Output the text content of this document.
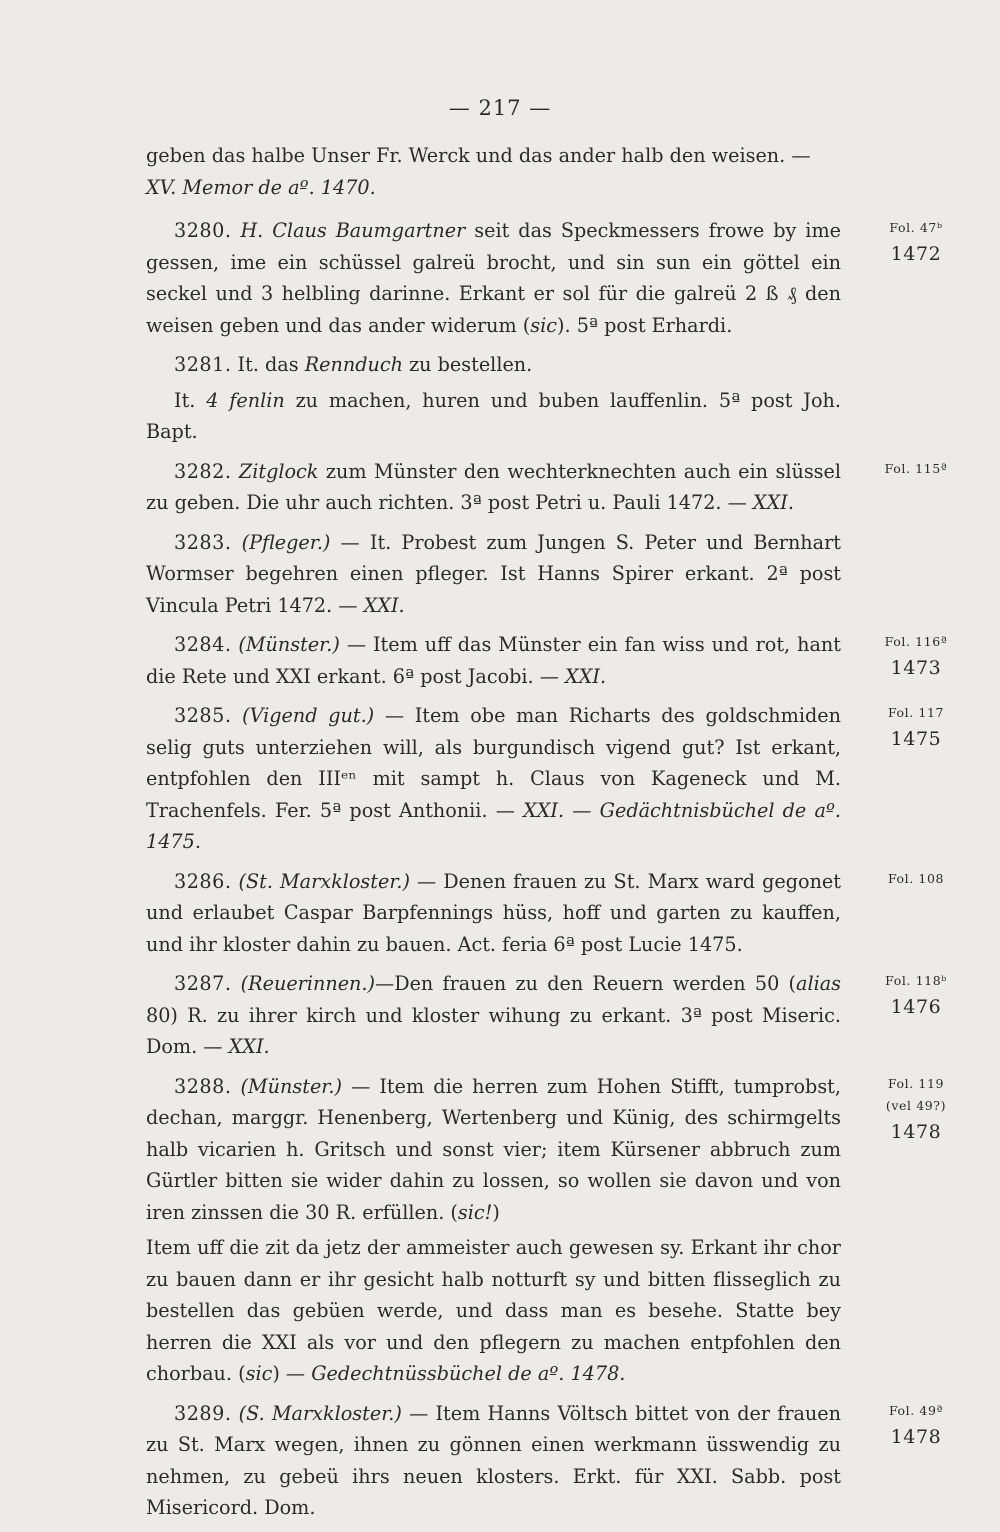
— 217 —

geben das halbe Unser Fr. Werck und das ander halb den weisen. —
XV. Memor de aº. 1470.

3280. H. Claus Baumgartner seit das Speckmessers frowe by ime gessen, ime ein schüssel galreü brocht, und sin sun ein göttel ein seckel und 3 helbling darinne. Erkant er sol für die galreü 2 ß ₰ den weisen geben und das ander widerum (sic). 5ª post Erhardi.
Fol. 47ᵇ
1472
3281. It. das Rennduch zu bestellen.
It. 4 fenlin zu machen, huren und buben lauffenlin. 5ª post Joh. Bapt.
3282. Zitglock zum Münster den wechterknechten auch ein slüssel zu geben. Die uhr auch richten. 3ª post Petri u. Pauli 1472. — XXI.
Fol. 115ª
3283. (Pfleger.) — It. Probest zum Jungen S. Peter und Bernhart Wormser begehren einen pfleger. Ist Hanns Spirer erkant. 2ª post Vincula Petri 1472. — XXI.
3284. (Münster.) — Item uff das Münster ein fan wiss und rot, hant die Rete und XXI erkant. 6ª post Jacobi. — XXI.
Fol. 116ª
1473
3285. (Vigend gut.) — Item obe man Richarts des goldschmiden selig guts unterziehen will, als burgundisch vigend gut? Ist erkant, entpfohlen den IIIᵉⁿ mit sampt h. Claus von Kageneck und M. Trachenfels. Fer. 5ª post Anthonii. — XXI. — Gedächtnisbüchel de aº. 1475.
Fol. 117
1475
3286. (St. Marxkloster.) — Denen frauen zu St. Marx ward gegonet und erlaubet Caspar Barpfennings hüss, hoff und garten zu kauffen, und ihr kloster dahin zu bauen. Act. feria 6ª post Lucie 1475.
Fol. 108
3287. (Reuerinnen.)—Den frauen zu den Reuern werden 50 (alias 80) R. zu ihrer kirch und kloster wihung zu erkant. 3ª post Miseric. Dom. — XXI.
Fol. 118ᵇ
1476
3288. (Münster.) — Item die herren zum Hohen Stifft, tumprobst, dechan, marggr. Henenberg, Wertenberg und Künig, des schirmgelts halb vicarien h. Gritsch und sonst vier; item Kürsener abbruch zum Gürtler bitten sie wider dahin zu lossen, so wollen sie davon und von iren zinssen die 30 R. erfüllen. (sic!)
Fol. 119
(vel 49?)
1478
Item uff die zit da jetz der ammeister auch gewesen sy. Erkant ihr chor zu bauen dann er ihr gesicht halb notturft sy und bitten flisseglich zu bestellen das gebüen werde, und dass man es besehe. Statte bey herren die XXI als vor und den pflegern zu machen entpfohlen den chorbau. (sic) — Gedechtnüssbüchel de aº. 1478.
3289. (S. Marxkloster.) — Item Hanns Völtsch bittet von der frauen zu St. Marx wegen, ihnen zu gönnen einen werkmann üsswendig zu nehmen, zu gebeü ihrs neuen klosters. Erkt. für XXI. Sabb. post Misericord. Dom.
Fol. 49ª
1478
